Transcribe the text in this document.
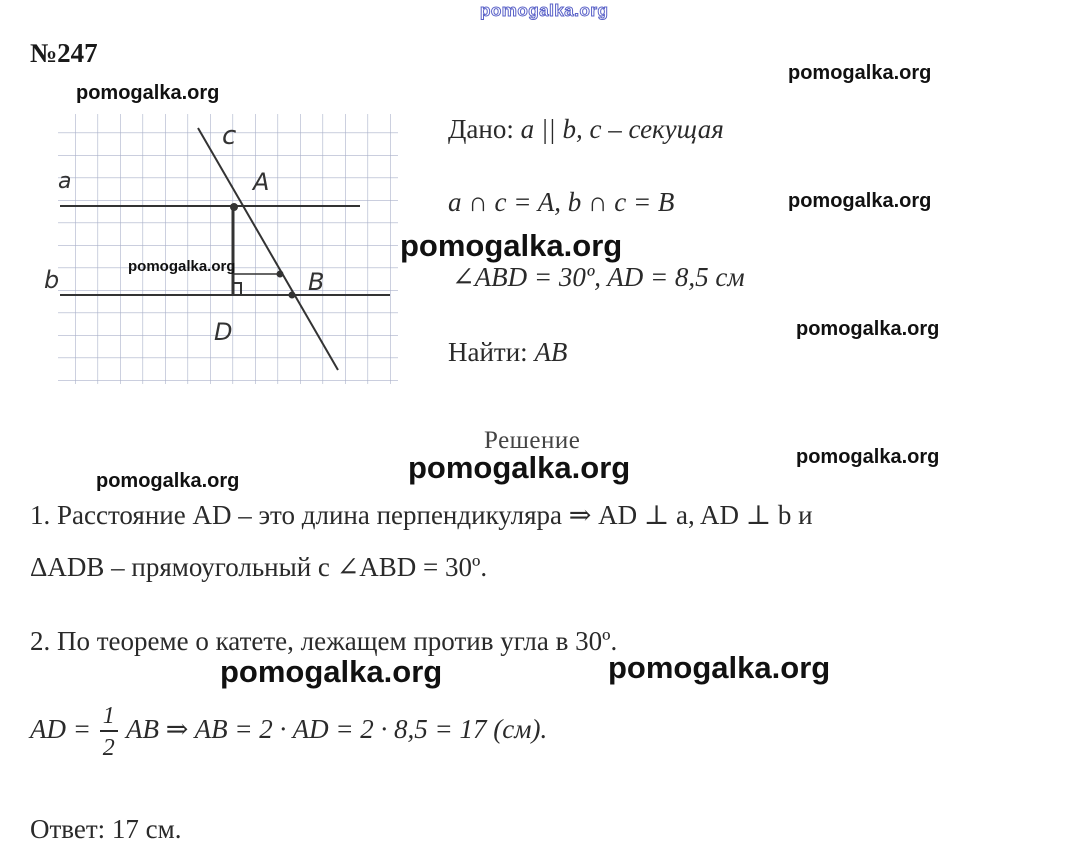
pomogalka.org
№247
c
a	A
b	B
D
pomogalka.org
pomogalka.org
pomogalka.org
pomogalka.org
pomogalka.org
pomogalka.org
Дано: a || b, c – секущая
a ∩ c = A, b ∩ c = B
∠ABD = 30º, AD = 8,5 см
Найти: AB
Решение
pomogalka.org	pomogalka.org
pomogalka.org
1. Расстояние AD – это длина перпендикуляра ⇒ AD ⊥ a, AD ⊥ b и
ΔADB – прямоугольный с ∠ABD = 30º.
2. По теореме о катете, лежащем против угла в 30º.
pomogalka.org	pomogalka.org
AD = $\frac{1}{2}$ AB ⇒ AB = 2 · AD = 2 · 8,5 = 17 (см).
Ответ: 17 см.
